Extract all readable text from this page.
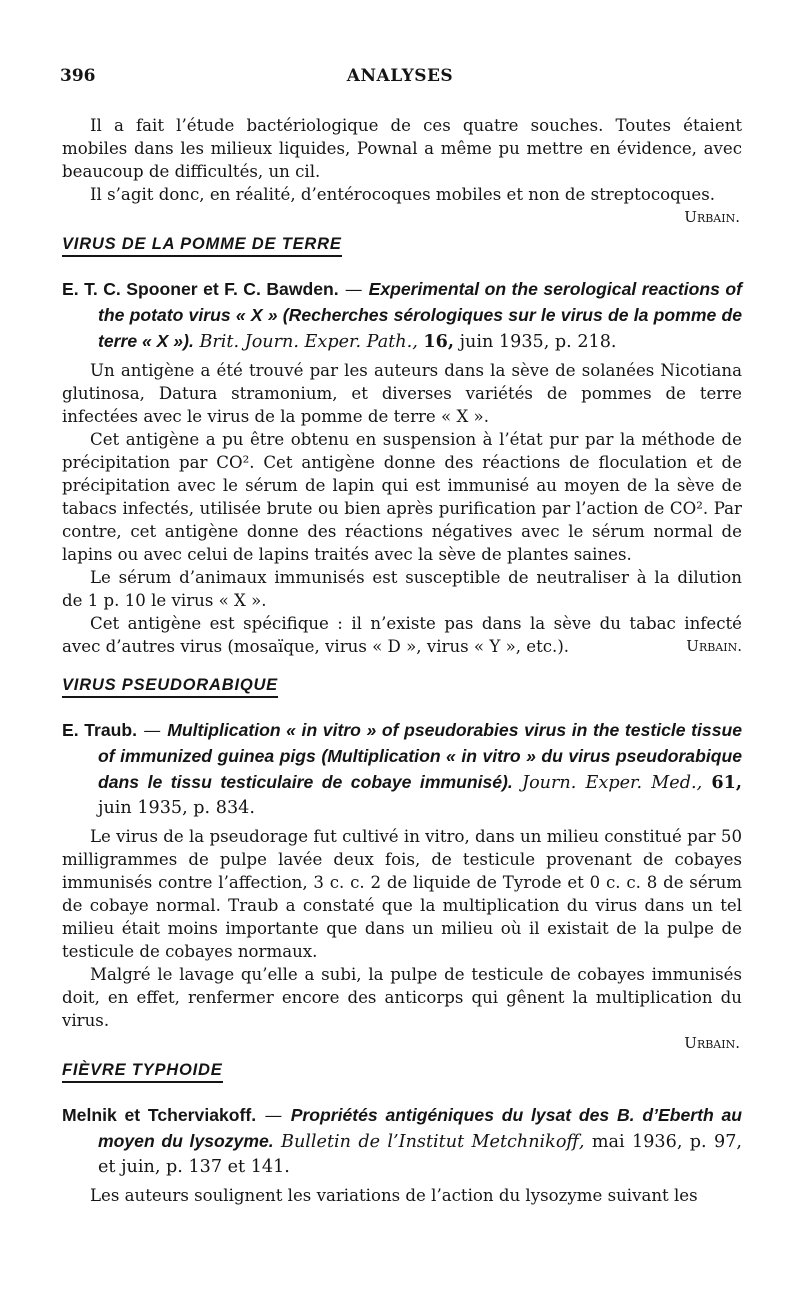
396	ANALYSES

Il a fait l’étude bactériologique de ces quatre souches. Toutes étaient mobiles dans les milieux liquides, Pownal a même pu mettre en évidence, avec beaucoup de difficultés, un cil.

Il s’agit donc, en réalité, d’entérocoques mobiles et non de streptocoques.

Urbain.
VIRUS DE LA POMME DE TERRE
E. T. C. Spooner et F. C. Bawden. — Experimental on the serological reactions of the potato virus « X » (Recherches sérologiques sur le virus de la pomme de terre « X »). Brit. Journ. Exper. Path., 16, juin 1935, p. 218.

Un antigène a été trouvé par les auteurs dans la sève de solanées Nicotiana glutinosa, Datura stramonium, et diverses variétés de pommes de terre infectées avec le virus de la pomme de terre « X ».

Cet antigène a pu être obtenu en suspension à l’état pur par la méthode de précipitation par CO². Cet antigène donne des réactions de floculation et de précipitation avec le sérum de lapin qui est immunisé au moyen de la sève de tabacs infectés, utilisée brute ou bien après purification par l’action de CO². Par contre, cet antigène donne des réactions négatives avec le sérum normal de lapins ou avec celui de lapins traités avec la sève de plantes saines.

Le sérum d’animaux immunisés est susceptible de neutraliser à la dilution de 1 p. 10 le virus « X ».

Cet antigène est spécifique : il n’existe pas dans la sève du tabac infecté avec d’autres virus (mosaïque, virus « D », virus « Y », etc.).	Urbain.

VIRUS PSEUDORABIQUE
E. Traub. — Multiplication « in vitro » of pseudorabies virus in the testicle tissue of immunized guinea pigs (Multiplication « in vitro » du virus pseudorabique dans le tissu testiculaire de cobaye immunisé). Journ. Exper. Med., 61, juin 1935, p. 834.

Le virus de la pseudorage fut cultivé in vitro, dans un milieu constitué par 50 milligrammes de pulpe lavée deux fois, de testicule provenant de cobayes immunisés contre l’affection, 3 c. c. 2 de liquide de Tyrode et 0 c. c. 8 de sérum de cobaye normal. Traub a constaté que la multiplication du virus dans un tel milieu était moins importante que dans un milieu où il existait de la pulpe de testicule de cobayes normaux.

Malgré le lavage qu’elle a subi, la pulpe de testicule de cobayes immunisés doit, en effet, renfermer encore des anticorps qui gênent la multiplication du virus.

Urbain.
FIÈVRE TYPHOIDE
Melnik et Tcherviakoff. — Propriétés antigéniques du lysat des B. d’Eberth au moyen du lysozyme. Bulletin de l’Institut Metchnikoff, mai 1936, p. 97, et juin, p. 137 et 141.

Les auteurs soulignent les variations de l’action du lysozyme suivant les
